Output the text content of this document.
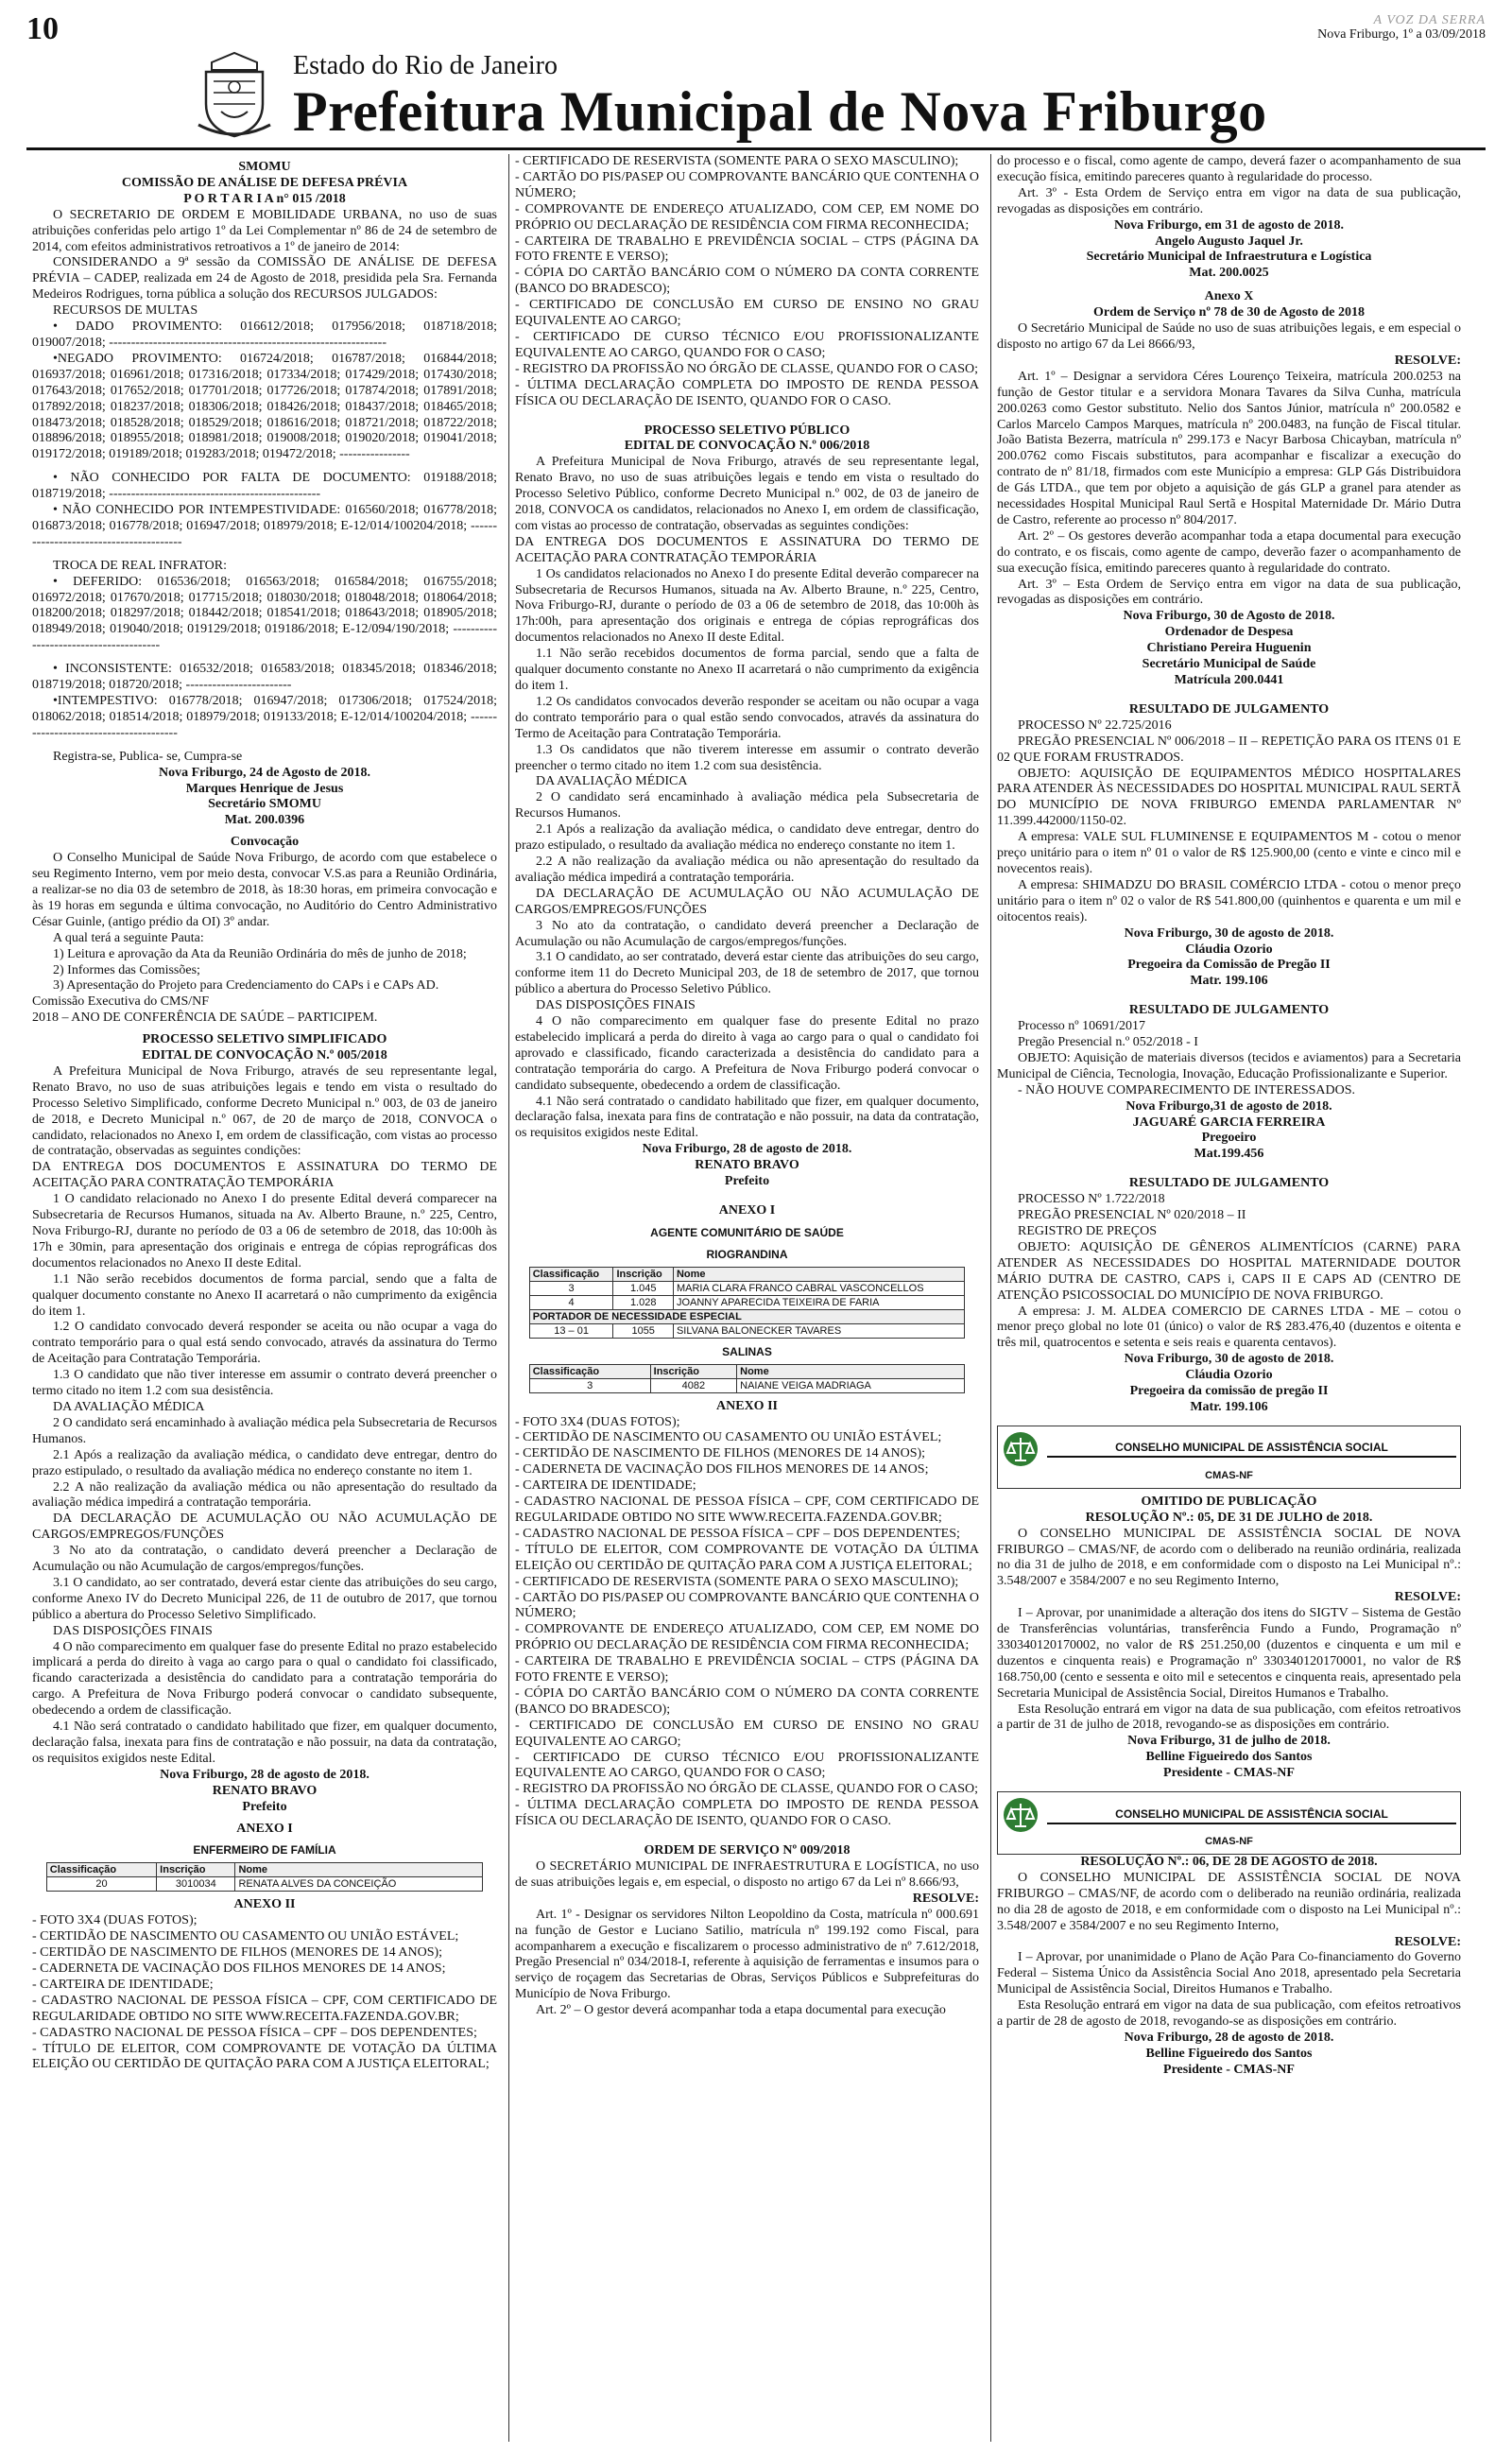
10	A VOZ DA SERRA
Nova Friburgo, 1º a 03/09/2018
Estado do Rio de Janeiro
Prefeitura Municipal de Nova Friburgo

SMOMU

COMISSÃO DE ANÁLISE DE DEFESA PRÉVIA

P O R T A R I A n° 015 /2018

O SECRETARIO DE ORDEM E MOBILIDADE URBANA, no uso de suas atribuições conferidas pelo artigo 1º da Lei Complementar nº 86 de 24 de setembro de 2014, com efeitos administrativos retroativos a 1º de janeiro de 2014:

CONSIDERANDO a 9ª sessão da COMISSÃO DE ANÁLISE DE DEFESA PRÉVIA – CADEP, realizada em 24 de Agosto de 2018, presidida pela Sra. Fernanda Medeiros Rodrigues, torna pública a solução dos RECURSOS JULGADOS:

RECURSOS DE MULTAS

• DADO PROVIMENTO: 016612/2018; 017956/2018; 018718/2018; 019007/2018; ---------------------------------------------------------------

•NEGADO PROVIMENTO: 016724/2018; 016787/2018; 016844/2018; 016937/2018; 016961/2018; 017316/2018; 017334/2018; 017429/2018; 017430/2018; 017643/2018; 017652/2018; 017701/2018; 017726/2018; 017874/2018; 017891/2018; 017892/2018; 018237/2018; 018306/2018; 018426/2018; 018437/2018; 018465/2018; 018473/2018; 018528/2018; 018529/2018; 018616/2018; 018721/2018; 018722/2018; 018896/2018; 018955/2018; 018981/2018; 019008/2018; 019020/2018; 019041/2018; 019172/2018; 019189/2018; 019283/2018; 019472/2018; ----------------

• NÃO CONHECIDO POR FALTA DE DOCUMENTO: 019188/2018; 018719/2018; ------------------------------------------------

• NÃO CONHECIDO POR INTEMPESTIVIDADE: 016560/2018; 016778/2018; 016873/2018; 016778/2018; 016947/2018; 018979/2018; E-12/014/100204/2018; ----------------------------------------

TROCA DE REAL INFRATOR:

• DEFERIDO: 016536/2018; 016563/2018; 016584/2018; 016755/2018; 016972/2018; 017670/2018; 017715/2018; 018030/2018; 018048/2018; 018064/2018; 018200/2018; 018297/2018; 018442/2018; 018541/2018; 018643/2018; 018905/2018; 018949/2018; 019040/2018; 019129/2018; 019186/2018; E-12/094/190/2018; ---------------------------------------

• INCONSISTENTE: 016532/2018; 016583/2018; 018345/2018; 018346/2018; 018719/2018; 018720/2018; ------------------------

•INTEMPESTIVO: 016778/2018; 016947/2018; 017306/2018; 017524/2018; 018062/2018; 018514/2018; 018979/2018; 019133/2018; E-12/014/100204/2018; ---------------------------------------

Registra-se, Publica- se, Cumpra-se

Nova Friburgo, 24 de Agosto de 2018.

Marques Henrique de Jesus

Secretário SMOMU

Mat. 200.0396

Convocação

O Conselho Municipal de Saúde Nova Friburgo, de acordo com que estabelece o seu Regimento Interno, vem por meio desta, convocar V.S.as para a Reunião Ordinária, a realizar-se no dia 03 de setembro de 2018, às 18:30 horas, em primeira convocação e às 19 horas em segunda e última convocação, no Auditório do Centro Administrativo César Guinle, (antigo prédio da OI) 3º andar.

A qual terá a seguinte Pauta:

1) Leitura e aprovação da Ata da Reunião Ordinária do mês de junho de 2018;

2) Informes das Comissões;

3) Apresentação do Projeto para Credenciamento do CAPs i e CAPs AD.

Comissão Executiva do CMS/NF

2018 – ANO DE CONFERÊNCIA DE SAÚDE – PARTICIPEM.

PROCESSO SELETIVO SIMPLIFICADO

EDITAL DE CONVOCAÇÃO N.º 005/2018

A Prefeitura Municipal de Nova Friburgo, através de seu representante legal, Renato Bravo, no uso de suas atribuições legais e tendo em vista o resultado do Processo Seletivo Simplificado, conforme Decreto Municipal n.º 003, de 03 de janeiro de 2018, e Decreto Municipal n.º 067, de 20 de março de 2018, CONVOCA o candidato, relacionados no Anexo I, em ordem de classificação, com vistas ao processo de contratação, observadas as seguintes condições:

DA ENTREGA DOS DOCUMENTOS E ASSINATURA DO TERMO DE ACEITAÇÃO PARA CONTRATAÇÃO TEMPORÁRIA

1 O candidato relacionado no Anexo I do presente Edital deverá comparecer na Subsecretaria de Recursos Humanos, situada na Av. Alberto Braune, n.º 225, Centro, Nova Friburgo-RJ, durante no período de 03 a 06 de setembro de 2018, das 10:00h às 17h e 30min, para apresentação dos originais e entrega de cópias reprográficas dos documentos relacionados no Anexo II deste Edital.

1.1 Não serão recebidos documentos de forma parcial, sendo que a falta de qualquer documento constante no Anexo II acarretará o não cumprimento da exigência do item 1.

1.2 O candidato convocado deverá responder se aceita ou não ocupar a vaga do contrato temporário para o qual está sendo convocado, através da assinatura do Termo de Aceitação para Contratação Temporária.

1.3 O candidato que não tiver interesse em assumir o contrato deverá preencher o termo citado no item 1.2 com sua desistência.

DA AVALIAÇÃO MÉDICA

2 O candidato será encaminhado à avaliação médica pela Subsecretaria de Recursos Humanos.

2.1 Após a realização da avaliação médica, o candidato deve entregar, dentro do prazo estipulado, o resultado da avaliação médica no endereço constante no item 1.

2.2 A não realização da avaliação médica ou não apresentação do resultado da avaliação médica impedirá a contratação temporária.

DA DECLARAÇÃO DE ACUMULAÇÃO OU NÃO ACUMULAÇÃO DE CARGOS/EMPREGOS/FUNÇÕES

3 No ato da contratação, o candidato deverá preencher a Declaração de Acumulação ou não Acumulação de cargos/empregos/funções.

3.1 O candidato, ao ser contratado, deverá estar ciente das atribuições do seu cargo, conforme Anexo IV do Decreto Municipal 226, de 11 de outubro de 2017, que tornou público a abertura do Processo Seletivo Simplificado.

DAS DISPOSIÇÕES FINAIS

4 O não comparecimento em qualquer fase do presente Edital no prazo estabelecido implicará a perda do direito à vaga ao cargo para o qual o candidato foi classificado, ficando caracterizada a desistência do candidato para a contratação temporária do cargo. A Prefeitura de Nova Friburgo poderá convocar o candidato subsequente, obedecendo a ordem de classificação.

4.1 Não será contratado o candidato habilitado que fizer, em qualquer documento, declaração falsa, inexata para fins de contratação e não possuir, na data da contratação, os requisitos exigidos neste Edital.

Nova Friburgo, 28 de agosto de 2018.

RENATO BRAVO

Prefeito

ANEXO I

ENFERMEIRO DE FAMÍLIA
Classificação	Inscrição	Nome
20	3010034	RENATA ALVES DA CONCEIÇÃO

ANEXO II

- FOTO 3X4 (DUAS FOTOS);

- CERTIDÃO DE NASCIMENTO OU CASAMENTO OU UNIÃO ESTÁVEL;

- CERTIDÃO DE NASCIMENTO DE FILHOS (MENORES DE 14 ANOS);

- CADERNETA DE VACINAÇÃO DOS FILHOS MENORES DE 14 ANOS;

- CARTEIRA DE IDENTIDADE;

- CADASTRO NACIONAL DE PESSOA FÍSICA – CPF, COM CERTIFICADO DE REGULARIDADE OBTIDO NO SITE WWW.RECEITA.FAZENDA.GOV.BR;

- CADASTRO NACIONAL DE PESSOA FÍSICA – CPF – DOS DEPENDENTES;

- TÍTULO DE ELEITOR, COM COMPROVANTE DE VOTAÇÃO DA ÚLTIMA ELEIÇÃO OU CERTIDÃO DE QUITAÇÃO PARA COM A JUSTIÇA ELEITORAL;

- CERTIFICADO DE RESERVISTA (SOMENTE PARA O SEXO MASCULINO);

- CARTÃO DO PIS/PASEP OU COMPROVANTE BANCÁRIO QUE CONTENHA O NÚMERO;

- COMPROVANTE DE ENDEREÇO ATUALIZADO, COM CEP, EM NOME DO PRÓPRIO OU DECLARAÇÃO DE RESIDÊNCIA COM FIRMA RECONHECIDA;

- CARTEIRA DE TRABALHO E PREVIDÊNCIA SOCIAL – CTPS (PÁGINA DA FOTO FRENTE E VERSO);

- CÓPIA DO CARTÃO BANCÁRIO COM O NÚMERO DA CONTA CORRENTE (BANCO DO BRADESCO);

- CERTIFICADO DE CONCLUSÃO EM CURSO DE ENSINO NO GRAU EQUIVALENTE AO CARGO;

- CERTIFICADO DE CURSO TÉCNICO E/OU PROFISSIONALIZANTE EQUIVALENTE AO CARGO, QUANDO FOR O CASO;

- REGISTRO DA PROFISSÃO NO ÓRGÃO DE CLASSE, QUANDO FOR O CASO;

- ÚLTIMA DECLARAÇÃO COMPLETA DO IMPOSTO DE RENDA PESSOA FÍSICA OU DECLARAÇÃO DE ISENTO, QUANDO FOR O CASO.

PROCESSO SELETIVO PÚBLICO

EDITAL DE CONVOCAÇÃO N.º 006/2018

A Prefeitura Municipal de Nova Friburgo, através de seu representante legal, Renato Bravo, no uso de suas atribuições legais e tendo em vista o resultado do Processo Seletivo Público, conforme Decreto Municipal n.º 002, de 03 de janeiro de 2018, CONVOCA os candidatos, relacionados no Anexo I, em ordem de classificação, com vistas ao processo de contratação, observadas as seguintes condições:

DA ENTREGA DOS DOCUMENTOS E ASSINATURA DO TERMO DE ACEITAÇÃO PARA CONTRATAÇÃO TEMPORÁRIA

1 Os candidatos relacionados no Anexo I do presente Edital deverão comparecer na Subsecretaria de Recursos Humanos, situada na Av. Alberto Braune, n.º 225, Centro, Nova Friburgo-RJ, durante o período de 03 a 06 de setembro de 2018, das 10:00h às 17h:00h, para apresentação dos originais e entrega de cópias reprográficas dos documentos relacionados no Anexo II deste Edital.

1.1 Não serão recebidos documentos de forma parcial, sendo que a falta de qualquer documento constante no Anexo II acarretará o não cumprimento da exigência do item 1.

1.2 Os candidatos convocados deverão responder se aceitam ou não ocupar a vaga do contrato temporário para o qual estão sendo convocados, através da assinatura do Termo de Aceitação para Contratação Temporária.

1.3 Os candidatos que não tiverem interesse em assumir o contrato deverão preencher o termo citado no item 1.2 com sua desistência.

DA AVALIAÇÃO MÉDICA

2 O candidato será encaminhado à avaliação médica pela Subsecretaria de Recursos Humanos.

2.1 Após a realização da avaliação médica, o candidato deve entregar, dentro do prazo estipulado, o resultado da avaliação médica no endereço constante no item 1.

2.2 A não realização da avaliação médica ou não apresentação do resultado da avaliação médica impedirá a contratação temporária.

DA DECLARAÇÃO DE ACUMULAÇÃO OU NÃO ACUMULAÇÃO DE CARGOS/EMPREGOS/FUNÇÕES

3 No ato da contratação, o candidato deverá preencher a Declaração de Acumulação ou não Acumulação de cargos/empregos/funções.

3.1 O candidato, ao ser contratado, deverá estar ciente das atribuições do seu cargo, conforme item 11 do Decreto Municipal 203, de 18 de setembro de 2017, que tornou público a abertura do Processo Seletivo Público.

DAS DISPOSIÇÕES FINAIS

4 O não comparecimento em qualquer fase do presente Edital no prazo estabelecido implicará a perda do direito à vaga ao cargo para o qual o candidato foi aprovado e classificado, ficando caracterizada a desistência do candidato para a contratação temporária do cargo. A Prefeitura de Nova Friburgo poderá convocar o candidato subsequente, obedecendo a ordem de classificação.

4.1 Não será contratado o candidato habilitado que fizer, em qualquer documento, declaração falsa, inexata para fins de contratação e não possuir, na data da contratação, os requisitos exigidos neste Edital.

Nova Friburgo, 28 de agosto de 2018.

RENATO BRAVO

Prefeito

ANEXO I

AGENTE COMUNITÁRIO DE SAÚDE
RIOGRANDINA
Classificação	Inscrição	Nome
3	1.045	MARIA CLARA FRANCO CABRAL VASCONCELLOS
4	1.028	JOANNY APARECIDA TEIXEIRA DE FARIA
PORTADOR DE NECESSIDADE ESPECIAL		
13 – 01	1055	SILVANA BALONECKER TAVARES
SALINAS
Classificação	Inscrição	Nome
3	4082	NAIANE VEIGA MADRIAGA

ANEXO II

- FOTO 3X4 (DUAS FOTOS);

- CERTIDÃO DE NASCIMENTO OU CASAMENTO OU UNIÃO ESTÁVEL;

- CERTIDÃO DE NASCIMENTO DE FILHOS (MENORES DE 14 ANOS);

- CADERNETA DE VACINAÇÃO DOS FILHOS MENORES DE 14 ANOS;

- CARTEIRA DE IDENTIDADE;

- CADASTRO NACIONAL DE PESSOA FÍSICA – CPF, COM CERTIFICADO DE REGULARIDADE OBTIDO NO SITE WWW.RECEITA.FAZENDA.GOV.BR;

- CADASTRO NACIONAL DE PESSOA FÍSICA – CPF – DOS DEPENDENTES;

- TÍTULO DE ELEITOR, COM COMPROVANTE DE VOTAÇÃO DA ÚLTIMA ELEIÇÃO OU CERTIDÃO DE QUITAÇÃO PARA COM A JUSTIÇA ELEITORAL;

- CERTIFICADO DE RESERVISTA (SOMENTE PARA O SEXO MASCULINO);

- CARTÃO DO PIS/PASEP OU COMPROVANTE BANCÁRIO QUE CONTENHA O NÚMERO;

- COMPROVANTE DE ENDEREÇO ATUALIZADO, COM CEP, EM NOME DO PRÓPRIO OU DECLARAÇÃO DE RESIDÊNCIA COM FIRMA RECONHECIDA;

- CARTEIRA DE TRABALHO E PREVIDÊNCIA SOCIAL – CTPS (PÁGINA DA FOTO FRENTE E VERSO);

- CÓPIA DO CARTÃO BANCÁRIO COM O NÚMERO DA CONTA CORRENTE (BANCO DO BRADESCO);

- CERTIFICADO DE CONCLUSÃO EM CURSO DE ENSINO NO GRAU EQUIVALENTE AO CARGO;

- CERTIFICADO DE CURSO TÉCNICO E/OU PROFISSIONALIZANTE EQUIVALENTE AO CARGO, QUANDO FOR O CASO;

- REGISTRO DA PROFISSÃO NO ÓRGÃO DE CLASSE, QUANDO FOR O CASO;

- ÚLTIMA DECLARAÇÃO COMPLETA DO IMPOSTO DE RENDA PESSOA FÍSICA OU DECLARAÇÃO DE ISENTO, QUANDO FOR O CASO.

ORDEM DE SERVIÇO Nº 009/2018

O SECRETÁRIO MUNICIPAL DE INFRAESTRUTURA E LOGÍSTICA, no uso de suas atribuições legais e, em especial, o disposto no artigo 67 da Lei nº 8.666/93,

RESOLVE:

Art. 1º - Designar os servidores Nilton Leopoldino da Costa, matrícula nº 000.691 na função de Gestor e Luciano Satilio, matrícula nº 199.192 como Fiscal, para acompanharem a execução e fiscalizarem o processo administrativo de nº 7.612/2018, Pregão Presencial nº 034/2018-I, referente à aquisição de ferramentas e insumos para o serviço de roçagem das Secretarias de Obras, Serviços Públicos e Subprefeituras do Município de Nova Friburgo.

Art. 2º – O gestor deverá acompanhar toda a etapa documental para execução

do processo e o fiscal, como agente de campo, deverá fazer o acompanhamento de sua execução física, emitindo pareceres quanto à regularidade do processo.

Art. 3º - Esta Ordem de Serviço entra em vigor na data de sua publicação, revogadas as disposições em contrário.

Nova Friburgo, em 31 de agosto de 2018.

Angelo Augusto Jaquel Jr.

Secretário Municipal de Infraestrutura e Logística

Mat. 200.0025

Anexo X

Ordem de Serviço nº 78 de 30 de Agosto de 2018

O Secretário Municipal de Saúde no uso de suas atribuições legais, e em especial o disposto no artigo 67 da Lei 8666/93,

RESOLVE:

Art. 1º – Designar a servidora Céres Lourenço Teixeira, matrícula 200.0253 na função de Gestor titular e a servidora Monara Tavares da Silva Cunha, matrícula 200.0263 como Gestor substituto. Nelio dos Santos Júnior, matrícula nº 200.0582 e Carlos Marcelo Campos Marques, matrícula nº 200.0483, na função de Fiscal titular. João Batista Bezerra, matrícula nº 299.173 e Nacyr Barbosa Chicayban, matrícula nº 200.0762 como Fiscais substitutos, para acompanhar e fiscalizar a execução do contrato de nº 81/18, firmados com este Município a empresa: GLP Gás Distribuidora de Gás LTDA., que tem por objeto a aquisição de gás GLP a granel para atender as necessidades Hospital Municipal Raul Sertã e Hospital Maternidade Dr. Mário Dutra de Castro, referente ao processo nº 804/2017.

Art. 2º – Os gestores deverão acompanhar toda a etapa documental para execução do contrato, e os fiscais, como agente de campo, deverão fazer o acompanhamento de sua execução física, emitindo pareceres quanto à regularidade do contrato.

Art. 3º – Esta Ordem de Serviço entra em vigor na data de sua publicação, revogadas as disposições em contrário.

Nova Friburgo, 30 de Agosto de 2018.

Ordenador de Despesa

Christiano Pereira Huguenin

Secretário Municipal de Saúde

Matrícula 200.0441

RESULTADO DE JULGAMENTO

PROCESSO Nº 22.725/2016

PREGÃO PRESENCIAL Nº 006/2018 – II – REPETIÇÃO PARA OS ITENS 01 E 02 QUE FORAM FRUSTRADOS.

OBJETO: AQUISIÇÃO DE EQUIPAMENTOS MÉDICO HOSPITALARES PARA ATENDER ÀS NECESSIDADES DO HOSPITAL MUNICIPAL RAUL SERTÃ DO MUNICÍPIO DE NOVA FRIBURGO EMENDA PARLAMENTAR Nº 11.399.442000/1150-02.

A empresa: VALE SUL FLUMINENSE E EQUIPAMENTOS M - cotou o menor preço unitário para o item nº 01 o valor de R$ 125.900,00 (cento e vinte e cinco mil e novecentos reais).

A empresa: SHIMADZU DO BRASIL COMÉRCIO LTDA - cotou o menor preço unitário para o item nº 02 o valor de R$ 541.800,00 (quinhentos e quarenta e um mil e oitocentos reais).

Nova Friburgo, 30 de agosto de 2018.

Cláudia Ozorio

Pregoeira da Comissão de Pregão II

Matr. 199.106

RESULTADO DE JULGAMENTO

Processo nº 10691/2017

Pregão Presencial n.º 052/2018 - I

OBJETO: Aquisição de materiais diversos (tecidos e aviamentos) para a Secretaria Municipal de Ciência, Tecnologia, Inovação, Educação Profissionalizante e Superior.

- NÃO HOUVE COMPARECIMENTO DE INTERESSADOS.

Nova Friburgo,31 de agosto de 2018.

JAGUARÉ GARCIA FERREIRA

Pregoeiro

Mat.199.456

RESULTADO DE JULGAMENTO

PROCESSO Nº 1.722/2018

PREGÃO PRESENCIAL Nº 020/2018 – II

REGISTRO DE PREÇOS

OBJETO: AQUISIÇÃO DE GÊNEROS ALIMENTÍCIOS (CARNE) PARA ATENDER AS NECESSIDADES DO HOSPITAL MATERNIDADE DOUTOR MÁRIO DUTRA DE CASTRO, CAPS i, CAPS II E CAPS AD (CENTRO DE ATENÇÃO PSICOSSOCIAL DO MUNICÍPIO DE NOVA FRIBURGO.

A empresa: J. M. ALDEA COMERCIO DE CARNES LTDA - ME – cotou o menor preço global no lote 01 (único) o valor de R$ 283.476,40 (duzentos e oitenta e três mil, quatrocentos e setenta e seis reais e quarenta centavos).

Nova Friburgo, 30 de agosto de 2018.

Cláudia Ozorio

Pregoeira da comissão de pregão II

Matr. 199.106

CONSELHO MUNICIPAL DE ASSISTÊNCIA SOCIAL
CMAS-NF

OMITIDO DE PUBLICAÇÃO

RESOLUÇÃO Nº.: 05, DE 31 DE JULHO de 2018.

O CONSELHO MUNICIPAL DE ASSISTÊNCIA SOCIAL DE NOVA FRIBURGO – CMAS/NF, de acordo com o deliberado na reunião ordinária, realizada no dia 31 de julho de 2018, e em conformidade com o disposto na Lei Municipal nº.: 3.548/2007 e 3584/2007 e no seu Regimento Interno,

RESOLVE:

I – Aprovar, por unanimidade a alteração dos itens do SIGTV – Sistema de Gestão de Transferências voluntárias, transferência Fundo a Fundo, Programação nº 330340120170002, no valor de R$ 251.250,00 (duzentos e cinquenta e um mil e duzentos e cinquenta reais) e Programação nº 330340120170001, no valor de R$ 168.750,00 (cento e sessenta e oito mil e setecentos e cinquenta reais, apresentado pela Secretaria Municipal de Assistência Social, Direitos Humanos e Trabalho.

Esta Resolução entrará em vigor na data de sua publicação, com efeitos retroativos a partir de 31 de julho de 2018, revogando-se as disposições em contrário.

Nova Friburgo, 31 de julho de 2018.

Belline Figueiredo dos Santos

Presidente - CMAS-NF

CONSELHO MUNICIPAL DE ASSISTÊNCIA SOCIAL
CMAS-NF

RESOLUÇÃO Nº.: 06, DE 28 DE AGOSTO de 2018.

O CONSELHO MUNICIPAL DE ASSISTÊNCIA SOCIAL DE NOVA FRIBURGO – CMAS/NF, de acordo com o deliberado na reunião ordinária, realizada no dia 28 de agosto de 2018, e em conformidade com o disposto na Lei Municipal nº.: 3.548/2007 e 3584/2007 e no seu Regimento Interno,

RESOLVE:

I – Aprovar, por unanimidade o Plano de Ação Para Co-financiamento do Governo Federal – Sistema Único da Assistência Social Ano 2018, apresentado pela Secretaria Municipal de Assistência Social, Direitos Humanos e Trabalho.

Esta Resolução entrará em vigor na data de sua publicação, com efeitos retroativos a partir de 28 de agosto de 2018, revogando-se as disposições em contrário.

Nova Friburgo, 28 de agosto de 2018.

Belline Figueiredo dos Santos

Presidente - CMAS-NF
